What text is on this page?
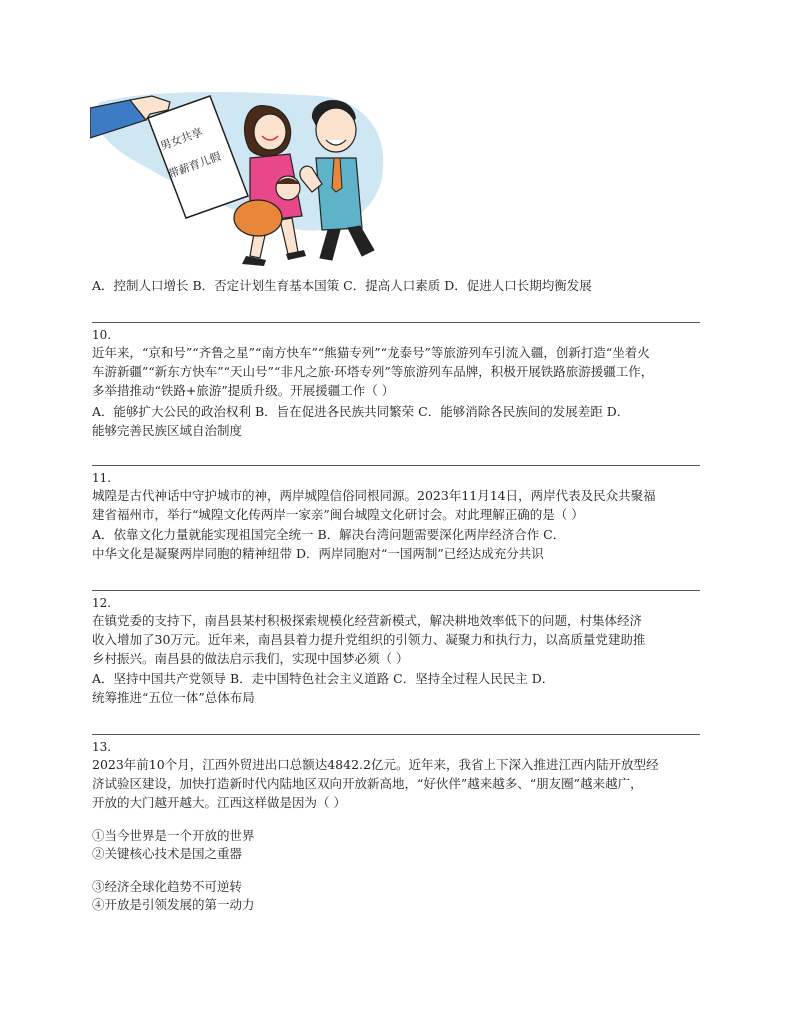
男女共享
带薪育儿假
A．控制人口增长 B．否定计划生育基本国策 C．提高人口素质 D．促进人口长期均衡发展
10.
近年来，“京和号”“齐鲁之星”“南方快车”“熊猫专列”“龙泰号”等旅游列车引流入疆，创新打造“坐着火
车游新疆”“新东方快车”“天山号”“非凡之旅·环塔专列”等旅游列车品牌，积极开展铁路旅游援疆工作，
多举措推动“铁路+旅游”提质升级。开展援疆工作（ ）
A．能够扩大公民的政治权利 B．旨在促进各民族共同繁荣 C．能够消除各民族间的发展差距 D．
能够完善民族区域自治制度
11.
城隍是古代神话中守护城市的神，两岸城隍信俗同根同源。2023年11月14日，两岸代表及民众共聚福
建省福州市，举行“城隍文化传两岸一家亲”闽台城隍文化研讨会。对此理解正确的是（ ）
A．依靠文化力量就能实现祖国完全统一 B．解决台湾问题需要深化两岸经济合作 C．
中华文化是凝聚两岸同胞的精神纽带 D．两岸同胞对“一国两制”已经达成充分共识
12.
在镇党委的支持下，南昌县某村积极探索规模化经营新模式，解决耕地效率低下的问题，村集体经济
收入增加了30万元。近年来，南昌县着力提升党组织的引领力、凝聚力和执行力，以高质量党建助推
乡村振兴。南昌县的做法启示我们，实现中国梦必须（ ）
A．坚持中国共产党领导 B．走中国特色社会主义道路 C．坚持全过程人民民主 D．
统筹推进“五位一体”总体布局
13.
2023年前10个月，江西外贸进出口总额达4842.2亿元。近年来，我省上下深入推进江西内陆开放型经
济试验区建设，加快打造新时代内陆地区双向开放新高地，“好伙伴”越来越多、“朋友圈”越来越广，
开放的大门越开越大。江西这样做是因为（ ）
①当今世界是一个开放的世界
②关键核心技术是国之重器
③经济全球化趋势不可逆转
④开放是引领发展的第一动力
